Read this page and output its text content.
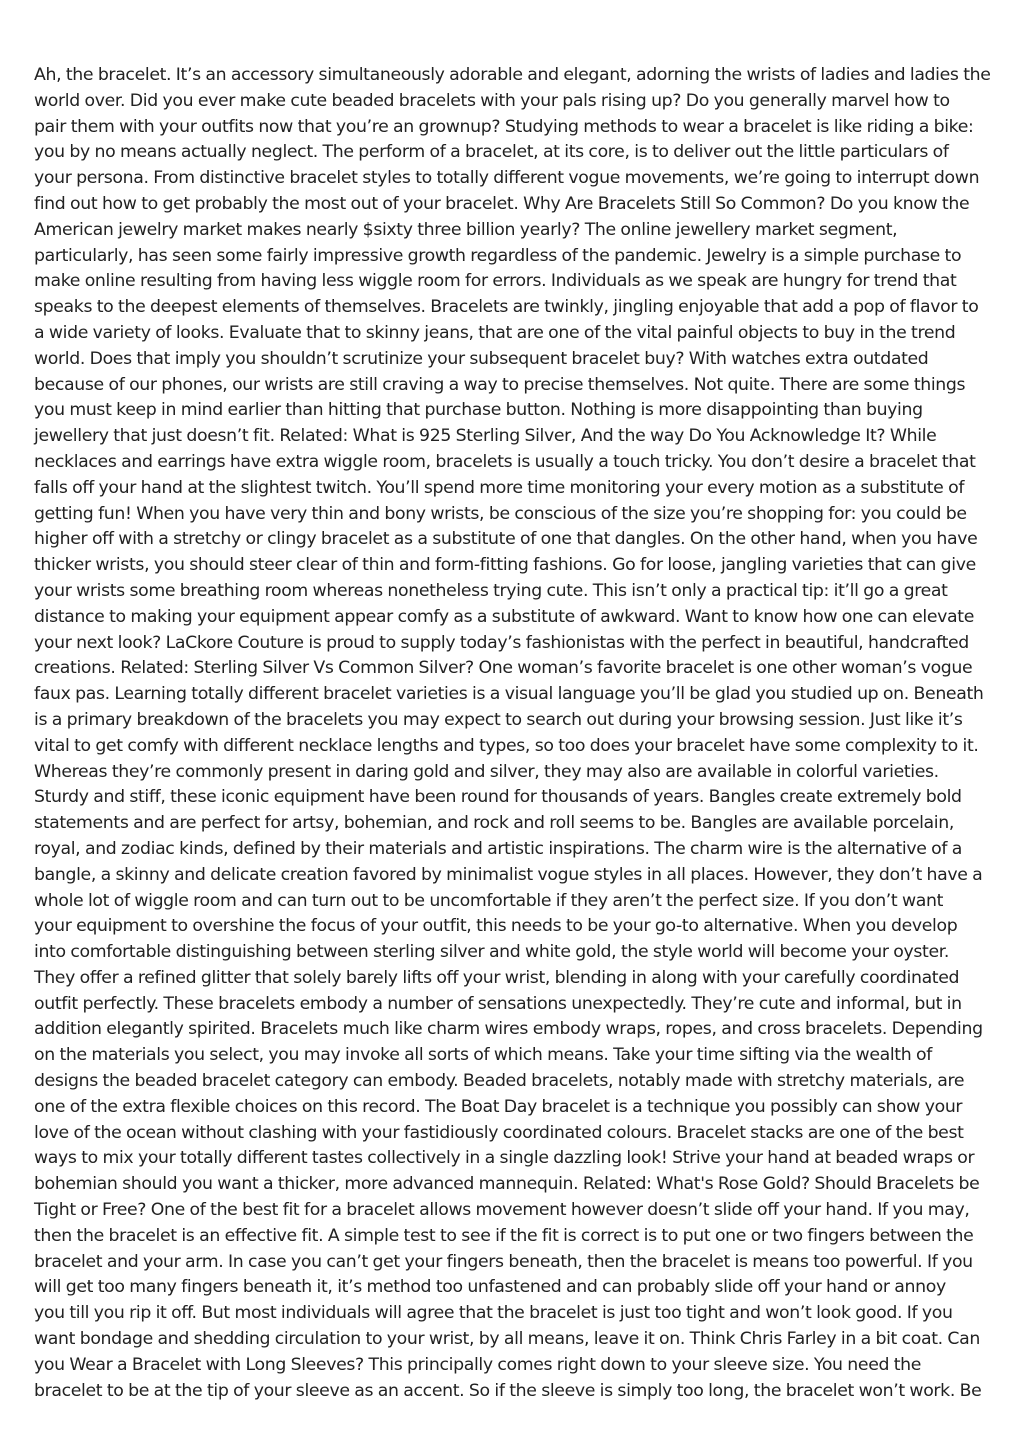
Ah, the bracelet. It’s an accessory simultaneously adorable and elegant, adorning the wrists of ladies and ladies the
world over. Did you ever make cute beaded bracelets with your pals rising up? Do you generally marvel how to
pair them with your outfits now that you’re an grownup? Studying methods to wear a bracelet is like riding a bike:
you by no means actually neglect. The perform of a bracelet, at its core, is to deliver out the little particulars of
your persona. From distinctive bracelet styles to totally different vogue movements, we’re going to interrupt down
find out how to get probably the most out of your bracelet. Why Are Bracelets Still So Common? Do you know the
American jewelry market makes nearly $sixty three billion yearly? The online jewellery market segment,
particularly, has seen some fairly impressive growth regardless of the pandemic. Jewelry is a simple purchase to
make online resulting from having less wiggle room for errors. Individuals as we speak are hungry for trend that
speaks to the deepest elements of themselves. Bracelets are twinkly, jingling enjoyable that add a pop of flavor to
a wide variety of looks. Evaluate that to skinny jeans, that are one of the vital painful objects to buy in the trend
world. Does that imply you shouldn’t scrutinize your subsequent bracelet buy? With watches extra outdated
because of our phones, our wrists are still craving a way to precise themselves. Not quite. There are some things
you must keep in mind earlier than hitting that purchase button. Nothing is more disappointing than buying
jewellery that just doesn’t fit. Related: What is 925 Sterling Silver, And the way Do You Acknowledge It? While
necklaces and earrings have extra wiggle room, bracelets is usually a touch tricky. You don’t desire a bracelet that
falls off your hand at the slightest twitch. You’ll spend more time monitoring your every motion as a substitute of
getting fun! When you have very thin and bony wrists, be conscious of the size you’re shopping for: you could be
higher off with a stretchy or clingy bracelet as a substitute of one that dangles. On the other hand, when you have
thicker wrists, you should steer clear of thin and form-fitting fashions. Go for loose, jangling varieties that can give
your wrists some breathing room whereas nonetheless trying cute. This isn’t only a practical tip: it’ll go a great
distance to making your equipment appear comfy as a substitute of awkward. Want to know how one can elevate
your next look? LaCkore Couture is proud to supply today’s fashionistas with the perfect in beautiful, handcrafted
creations. Related: Sterling Silver Vs Common Silver? One woman’s favorite bracelet is one other woman’s vogue
faux pas. Learning totally different bracelet varieties is a visual language you’ll be glad you studied up on. Beneath
is a primary breakdown of the bracelets you may expect to search out during your browsing session. Just like it’s
vital to get comfy with different necklace lengths and types, so too does your bracelet have some complexity to it.
Whereas they’re commonly present in daring gold and silver, they may also are available in colorful varieties.
Sturdy and stiff, these iconic equipment have been round for thousands of years. Bangles create extremely bold
statements and are perfect for artsy, bohemian, and rock and roll seems to be. Bangles are available porcelain,
royal, and zodiac kinds, defined by their materials and artistic inspirations. The charm wire is the alternative of a
bangle, a skinny and delicate creation favored by minimalist vogue styles in all places. However, they don’t have a
whole lot of wiggle room and can turn out to be uncomfortable if they aren’t the perfect size. If you don’t want
your equipment to overshine the focus of your outfit, this needs to be your go-to alternative. When you develop
into comfortable distinguishing between sterling silver and white gold, the style world will become your oyster.
They offer a refined glitter that solely barely lifts off your wrist, blending in along with your carefully coordinated
outfit perfectly. These bracelets embody a number of sensations unexpectedly. They’re cute and informal, but in
addition elegantly spirited. Bracelets much like charm wires embody wraps, ropes, and cross bracelets. Depending
on the materials you select, you may invoke all sorts of which means. Take your time sifting via the wealth of
designs the beaded bracelet category can embody. Beaded bracelets, notably made with stretchy materials, are
one of the extra flexible choices on this record. The Boat Day bracelet is a technique you possibly can show your
love of the ocean without clashing with your fastidiously coordinated colours. Bracelet stacks are one of the best
ways to mix your totally different tastes collectively in a single dazzling look! Strive your hand at beaded wraps or
bohemian should you want a thicker, more advanced mannequin. Related: What's Rose Gold? Should Bracelets be
Tight or Free? One of the best fit for a bracelet allows movement however doesn’t slide off your hand. If you may,
then the bracelet is an effective fit. A simple test to see if the fit is correct is to put one or two fingers between the
bracelet and your arm. In case you can’t get your fingers beneath, then the bracelet is means too powerful. If you
will get too many fingers beneath it, it’s method too unfastened and can probably slide off your hand or annoy
you till you rip it off. But most individuals will agree that the bracelet is just too tight and won’t look good. If you
want bondage and shedding circulation to your wrist, by all means, leave it on. Think Chris Farley in a bit coat. Can
you Wear a Bracelet with Long Sleeves? This principally comes right down to your sleeve size. You need the
bracelet to be at the tip of your sleeve as an accent. So if the sleeve is simply too long, the bracelet won’t work. Be
